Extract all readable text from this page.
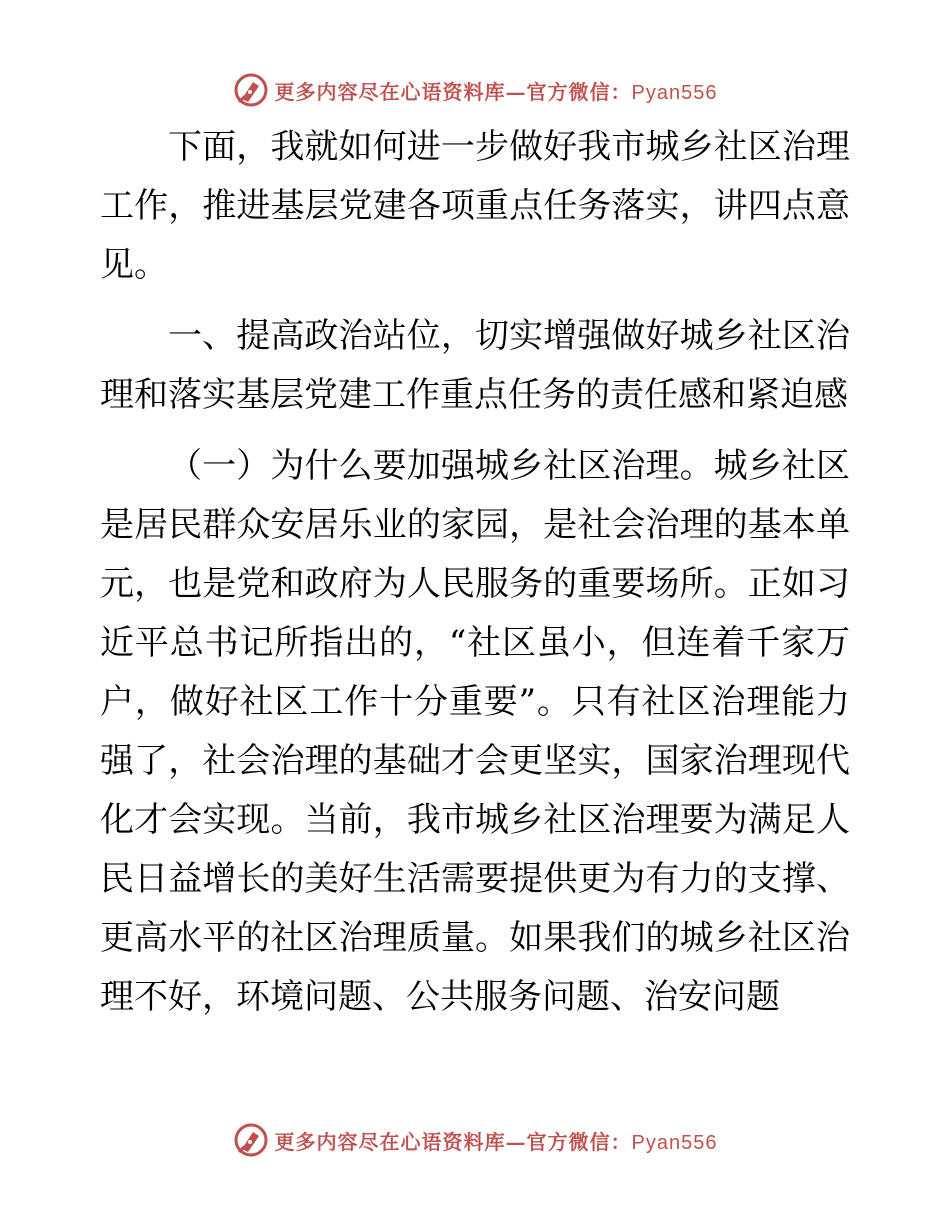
更多内容尽在心语资料库—官方微信：Pyan556

下面，我就如何进一步做好我市城乡社区治理工作，推进基层党建各项重点任务落实，讲四点意见。

一、提高政治站位，切实增强做好城乡社区治理和落实基层党建工作重点任务的责任感和紧迫感

（一）为什么要加强城乡社区治理。城乡社区是居民群众安居乐业的家园，是社会治理的基本单元，也是党和政府为人民服务的重要场所。正如习近平总书记所指出的，“社区虽小，但连着千家万户，做好社区工作十分重要”。只有社区治理能力强了，社会治理的基础才会更坚实，国家治理现代化才会实现。当前，我市城乡社区治理要为满足人民日益增长的美好生活需要提供更为有力的支撑、更高水平的社区治理质量。如果我们的城乡社区治理不好，环境问题、公共服务问题、治安问题

更多内容尽在心语资料库—官方微信：Pyan556
